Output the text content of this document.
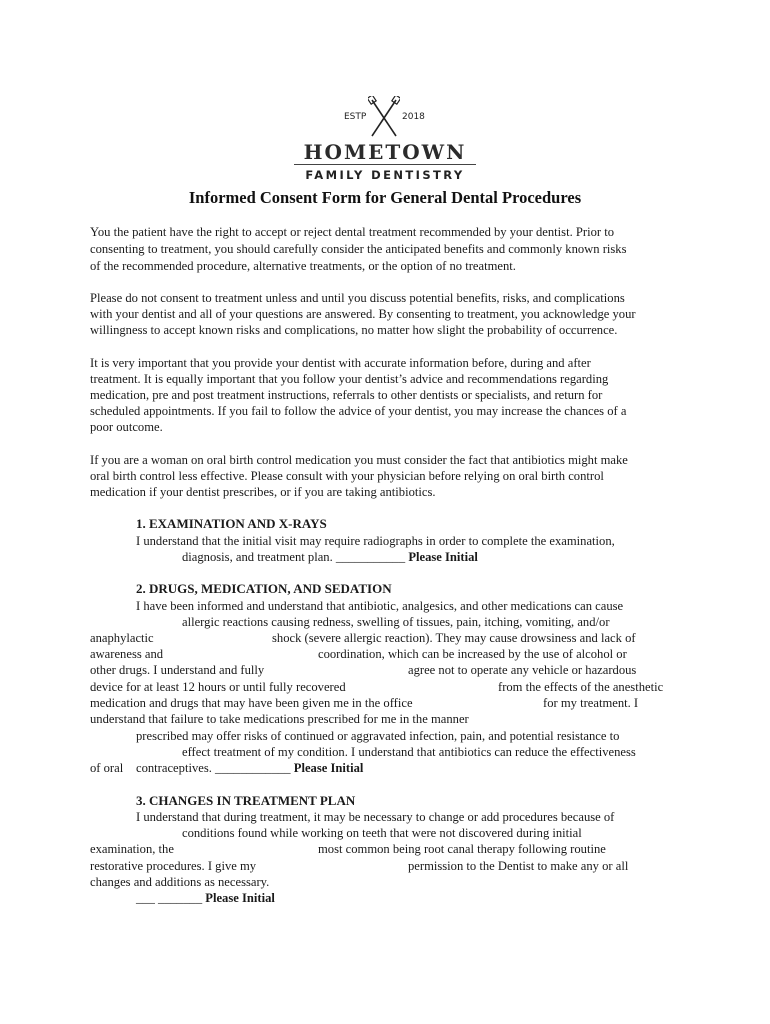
ESTP	2018
HOMETOWN
FAMILY DENTISTRY
Informed Consent Form for General Dental Procedures
You the patient have the right to accept or reject dental treatment recommended by your dentist. Prior to
consenting to treatment, you should carefully consider the anticipated benefits and commonly known risks
of the recommended procedure, alternative treatments, or the option of no treatment.
Please do not consent to treatment unless and until you discuss potential benefits, risks, and complications
with your dentist and all of your questions are answered. By consenting to treatment, you acknowledge your
willingness to accept known risks and complications, no matter how slight the probability of occurrence.
It is very important that you provide your dentist with accurate information before, during and after
treatment. It is equally important that you follow your dentist’s advice and recommendations regarding
medication, pre and post treatment instructions, referrals to other dentists or specialists, and return for
scheduled appointments. If you fail to follow the advice of your dentist, you may increase the chances of a
poor outcome.
If you are a woman on oral birth control medication you must consider the fact that antibiotics might make
oral birth control less effective. Please consult with your physician before relying on oral birth control
medication if your dentist prescribes, or if you are taking antibiotics.
1. EXAMINATION AND X-RAYS
I understand that the initial visit may require radiographs in order to complete the examination,
diagnosis, and treatment plan. ___________ Please Initial
2. DRUGS, MEDICATION, AND SEDATION
I have been informed and understand that antibiotic, analgesics, and other medications can cause
allergic reactions causing redness, swelling of tissues, pain, itching, vomiting, and/or
anaphylactic	shock (severe allergic reaction). They may cause drowsiness and lack of
awareness and	coordination, which can be increased by the use of alcohol or
other drugs. I understand and fully	agree not to operate any vehicle or hazardous
device for at least 12 hours or until fully recovered	from the effects of the anesthetic
medication and drugs that may have been given me in the office	for my treatment. I
understand that failure to take medications prescribed for me in the manner
prescribed may offer risks of continued or aggravated infection, pain, and potential resistance to
effect treatment of my condition. I understand that antibiotics can reduce the effectiveness
of oral contraceptives. ____________ Please Initial
3. CHANGES IN TREATMENT PLAN
I understand that during treatment, it may be necessary to change or add procedures because of
conditions found while working on teeth that were not discovered during initial
examination, the	most common being root canal therapy following routine
restorative procedures. I give my	permission to the Dentist to make any or all
changes and additions as necessary.
___ _______ Please Initial
